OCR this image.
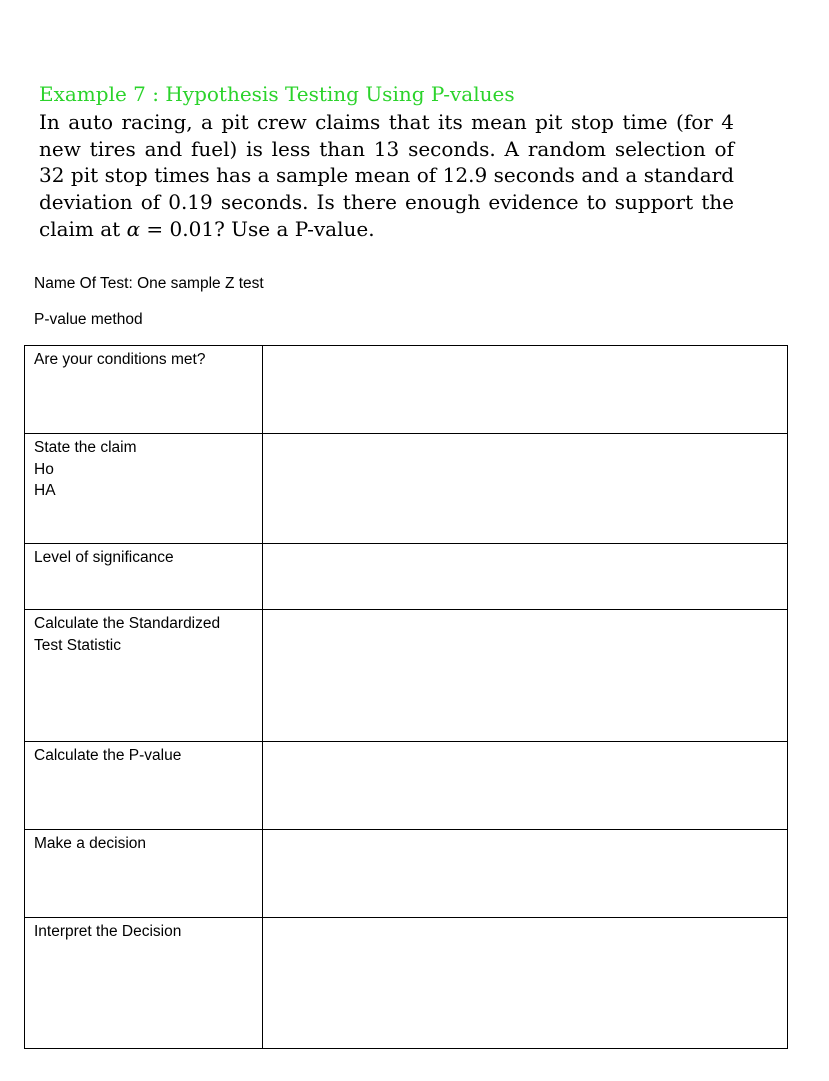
Example 7 : Hypothesis Testing Using P-values
In auto racing, a pit crew claims that its mean pit stop time (for 4 new tires and fuel) is less than 13 seconds. A random selection of 32 pit stop times has a sample mean of 12.9 seconds and a standard deviation of 0.19 seconds. Is there enough evidence to support the claim at α = 0.01? Use a P-value.
Name Of Test: One sample Z test
P-value method
Are your conditions met?	

State the claim
Ho
HA	

Level of significance	

Calculate the Standardized
Test Statistic	

Calculate the P-value	

Make a decision	

Interpret the Decision	
